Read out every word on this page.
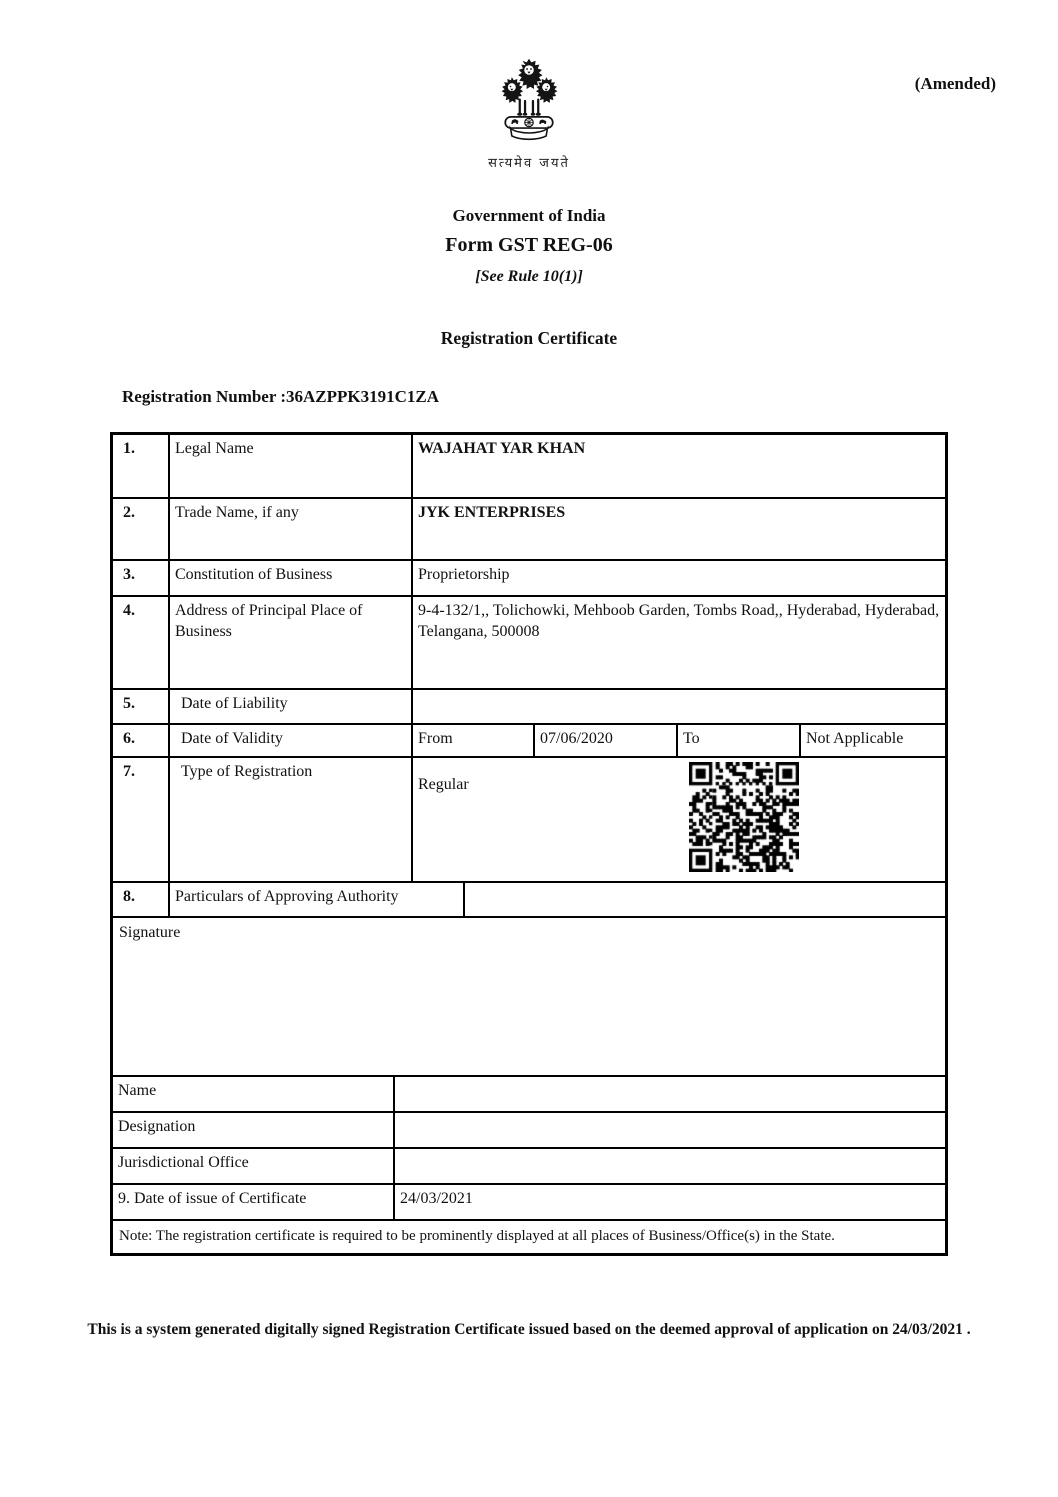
(Amended)
सत्यमेव जयते
Government of India
Form GST REG-06
[See Rule 10(1)]
Registration Certificate
Registration Number :36AZPPK3191C1ZA
1.	Legal Name	WAJAHAT YAR KHAN
2.	Trade Name, if any	JYK ENTERPRISES
3.	Constitution of Business	Proprietorship
4.	Address of Principal Place of Business
9-4-132/1,, Tolichowki, Mehboob Garden, Tombs Road,, Hyderabad, Hyderabad, Telangana, 500008
5.	Date of Liability
6.	Date of Validity	From	07/06/2020	To	Not Applicable
7.	Type of Registration
Regular
8.	Particulars of Approving Authority
Signature
Name
Designation
Jurisdictional Office
9. Date of issue of Certificate	24/03/2021
Note: The registration certificate is required to be prominently displayed at all places of Business/Office(s) in the State.
This is a system generated digitally signed Registration Certificate issued based on the deemed approval of application on 24/03/2021 .
